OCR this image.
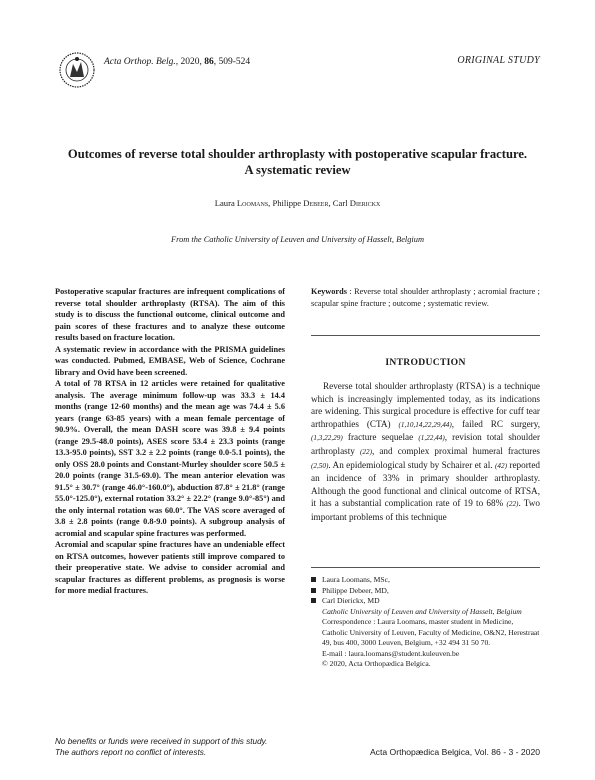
Acta Orthop. Belg., 2020, 86, 509-524	ORIGINAL STUDY
Outcomes of reverse total shoulder arthroplasty with postoperative scapular fracture.
A systematic review
Laura Loomans, Philippe Debeer, Carl Dierickx
From the Catholic University of Leuven and University of Hasselt, Belgium

Postoperative scapular fractures are infrequent complications of reverse total shoulder arthroplasty (RTSA). The aim of this study is to discuss the functional outcome, clinical outcome and pain scores of these fractures and to analyze these outcome results based on fracture location.

A systematic review in accordance with the PRISMA guidelines was conducted. Pubmed, EMBASE, Web of Science, Cochrane library and Ovid have been screened.

A total of 78 RTSA in 12 articles were retained for qualitative analysis. The average minimum follow-up was 33.3 ± 14.4 months (range 12-60 months) and the mean age was 74.4 ± 5.6 years (range 63-85 years) with a mean female percentage of 90.9%. Overall, the mean DASH score was 39.8 ± 9.4 points (range 29.5-48.0 points), ASES score 53.4 ± 23.3 points (range 13.3-95.0 points), SST 3.2 ± 2.2 points (range 0.0-5.1 points), the only OSS 28.0 points and Constant-Murley shoulder score 50.5 ± 20.0 points (range 31.5-69.0). The mean anterior elevation was 91.5° ± 30.7° (range 46.0°-160.0°), abduction 87.8° ± 21.8° (range 55.0°-125.0°), external rotation 33.2° ± 22.2° (range 9.0°-85°) and the only internal rotation was 60.0°. The VAS score averaged of 3.8 ± 2.8 points (range 0.8-9.0 points). A subgroup analysis of acromial and scapular spine fractures was performed.

Acromial and scapular spine fractures have an undeniable effect on RTSA outcomes, however patients still improve compared to their preoperative state. We advise to consider acromial and scapular fractures as different problems, as prognosis is worse for more medial fractures.

Keywords : Reverse total shoulder arthroplasty ; acromial fracture ; scapular spine fracture ; outcome ; systematic review.
INTRODUCTION

Reverse total shoulder arthroplasty (RTSA) is a technique which is increasingly implemented today, as its indications are widening. This surgical procedure is effective for cuff tear arthropathies (CTA) (1,10,14,22,29,44), failed RC surgery, (1,3,22,29) fracture sequelae (1,22,44), revision total shoulder arthroplasty (22), and complex proximal humeral fractures (2,50). An epidemiological study by Schairer et al. (42) reported an incidence of 33% in primary shoulder arthroplasty. Although the good functional and clinical outcome of RTSA, it has a substantial complication rate of 19 to 68% (22). Two important problems of this technique

Laura Loomans, MSc,
Philippe Debeer, MD,
Carl Dierickx, MD
Catholic University of Leuven and University of Hasselt, Belgium
Correspondence : Laura Loomans, master student in Medicine, Catholic University of Leuven, Faculty of Medicine, O&N2, Herestraat 49, bus 400, 3000 Leuven, Belgium, +32 494 31 50 70.
E-mail : laura.loomans@student.kuleuven.be
© 2020, Acta Orthopædica Belgica.
No benefits or funds were received in support of this study.
The authors report no conflict of interests.	Acta Orthopædica Belgica, Vol. 86 - 3 - 2020
